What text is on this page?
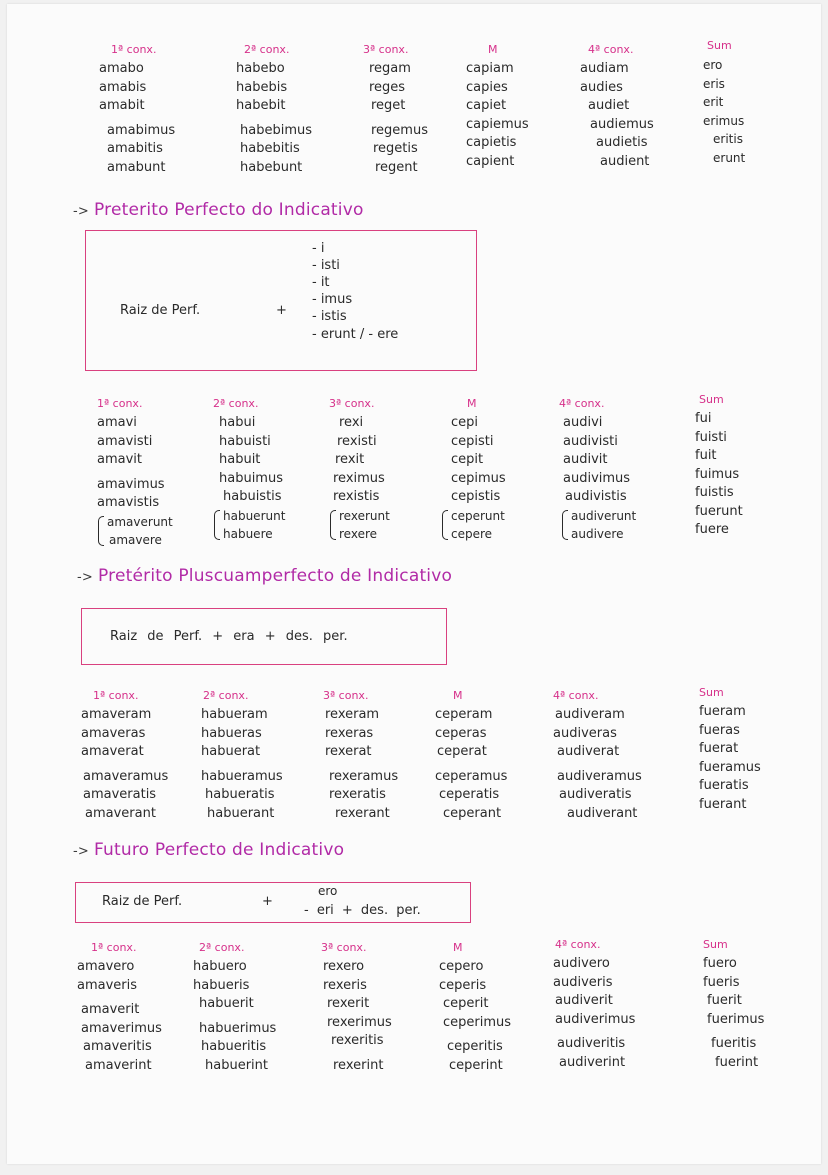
1ª conx.
amabo
amabis
amabit
amabimus
amabitis
amabunt
2ª conx.
habebo
habebis
habebit
habebimus
habebitis
habebunt
3ª conx.
regam
reges
reget
regemus
regetis
regent
M
capiam
capies
capiet
capiemus
capietis
capient
4ª conx.
audiam
audies
audiet
audiemus
audietis
audient
Sum
ero
eris
erit
erimus
eritis
erunt
-> Preterito Perfecto do Indicativo
Raiz de Perf.	+
- i
- isti
- it
- imus
- istis
- erunt / - ere
1ª conx.
amavi
amavisti
amavit
amavimus
amavistis
amaverunt
amavere
2ª conx.
habui
habuisti
habuit
habuimus
habuistis
habuerunt
habuere
3ª conx.
rexi
rexisti
rexit
reximus
rexistis
rexerunt
rexere
M
cepi
cepisti
cepit
cepimus
cepistis
ceperunt
cepere
4ª conx.
audivi
audivisti
audivit
audivimus
audivistis
audiverunt
audivere
Sum
fui
fuisti
fuit
fuimus
fuistis
fuerunt
fuere
-> Pretérito Pluscuamperfecto de Indicativo
Raiz de Perf. + era + des. per.
1ª conx.
amaveram
amaveras
amaverat
amaveramus
amaveratis
amaverant
2ª conx.
habueram
habueras
habuerat
habueramus
habueratis
habuerant
3ª conx.
rexeram
rexeras
rexerat
rexeramus
rexeratis
rexerant
M
ceperam
ceperas
ceperat
ceperamus
ceperatis
ceperant
4ª conx.
audiveram
audiveras
audiverat
audiveramus
audiveratis
audiverant
Sum
fueram
fueras
fuerat
fueramus
fueratis
fuerant
-> Futuro Perfecto de Indicativo
Raiz de Perf.	+
ero
- eri + des. per.
1ª conx.
amavero
amaveris
amaverit
amaverimus
amaveritis
amaverint
2ª conx.
habuero
habueris
habuerit
habuerimus
habueritis
habuerint
3ª conx.
rexero
rexeris
rexerit
rexerimus
rexeritis
rexerint
M
cepero
ceperis
ceperit
ceperimus
ceperitis
ceperint
4ª conx.
audivero
audiveris
audiverit
audiverimus
audiveritis
audiverint
Sum
fuero
fueris
fuerit
fuerimus
fueritis
fuerint
